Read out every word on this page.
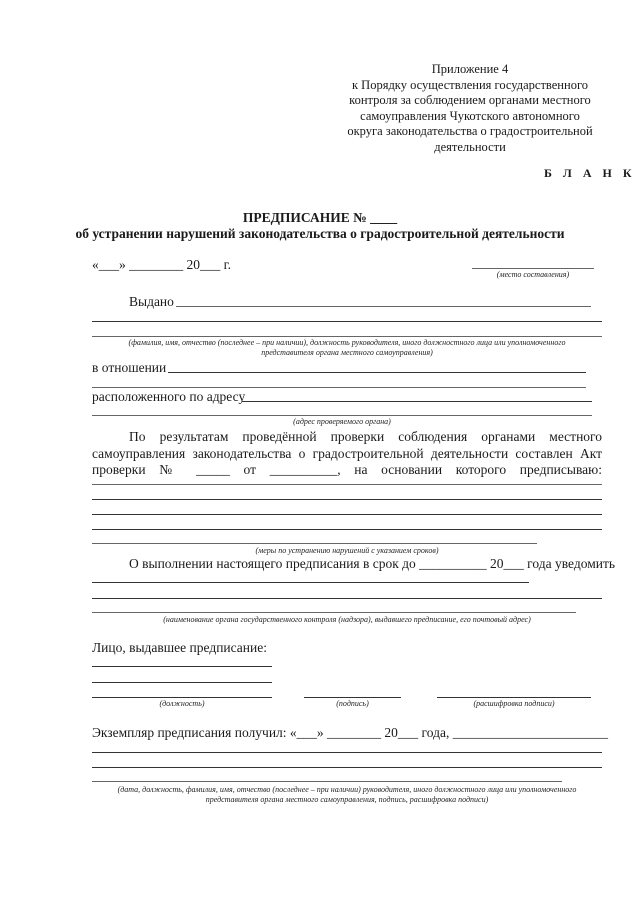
Приложение 4
к Порядку осуществления государственного
контроля за соблюдением органами местного
самоуправления Чукотского автономного
округа законодательства о градостроительной
деятельности
Б Л А Н К
ПРЕДПИСАНИЕ № ____
об устранении нарушений законодательства о градостроительной деятельности
«___» ________ 20___ г.
(место составления)
Выдано
(фамилия, имя, отчество (последнее – при наличии), должность руководителя, иного должностного лица или уполномоченного
представителя органа местного самоуправления)
в отношении
расположенного по адресу
(адрес проверяемого органа)
По результатам проведённой проверки соблюдения органами местного
самоуправления законодательства о градостроительной деятельности составлен Акт
проверки № _____ от __________, на основании которого предписываю:
(меры по устранению нарушений с указанием сроков)
О выполнении настоящего предписания в срок до __________ 20___ года уведомить
(наименование органа государственного контроля (надзора), выдавшего предписание, его почтовый адрес)
Лицо, выдавшее предписание:
(должность)	(подпись)	(расшифровка подписи)
Экземпляр предписания получил: «___» ________ 20___ года, _______________________
(дата, должность, фамилия, имя, отчество (последнее – при наличии) руководителя, иного должностного лица или уполномоченного
представителя органа местного самоуправления, подпись, расшифровка подписи)
